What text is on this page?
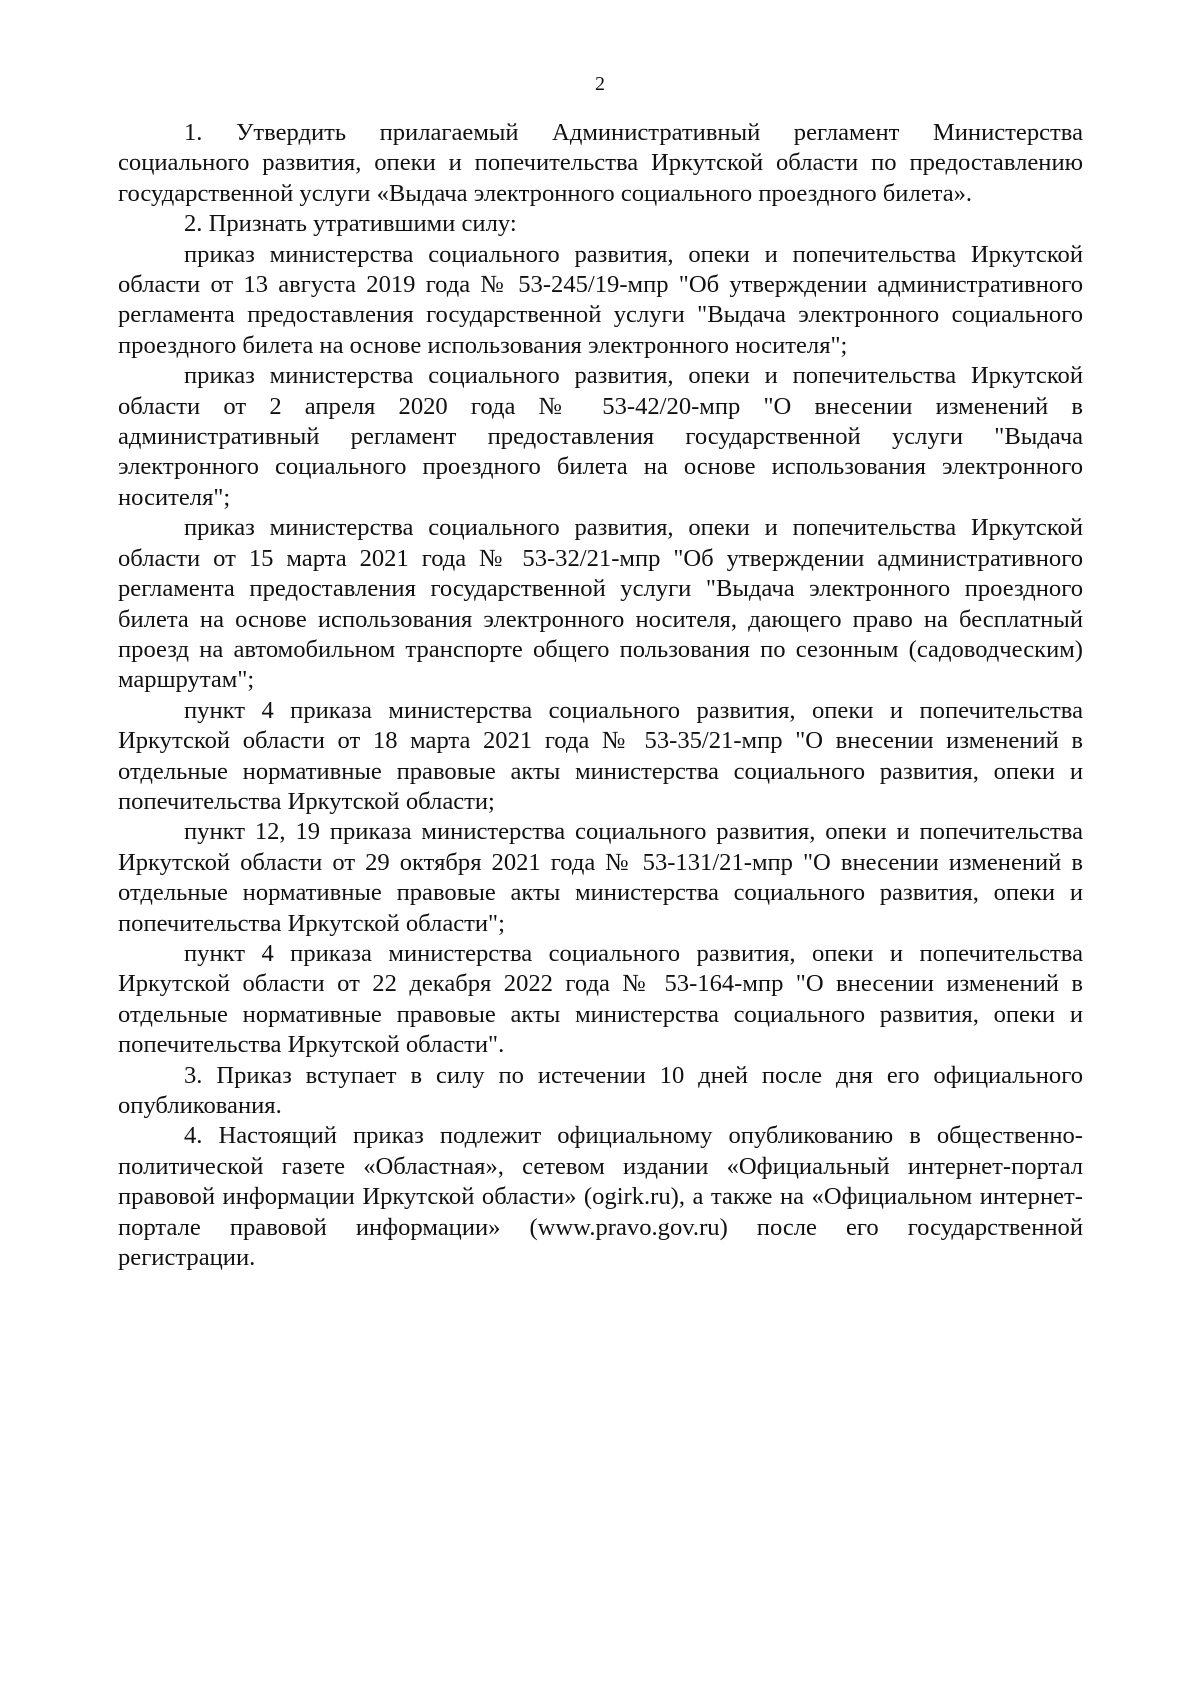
2

1. Утвердить прилагаемый Административный регламент Министерства социального развития, опеки и попечительства Иркутской области по предоставлению государственной услуги «Выдача электронного социального проездного билета».

2. Признать утратившими силу:

приказ министерства социального развития, опеки и попечительства Иркутской области от 13 августа 2019 года № 53-245/19-мпр "Об утверждении административного регламента предоставления государственной услуги "Выдача электронного социального проездного билета на основе использования электронного носителя";

приказ министерства социального развития, опеки и попечительства Иркутской области от 2 апреля 2020 года № 53-42/20-мпр "О внесении изменений в административный регламент предоставления государственной услуги "Выдача электронного социального проездного билета на основе использования электронного носителя";

приказ министерства социального развития, опеки и попечительства Иркутской области от 15 марта 2021 года № 53-32/21-мпр "Об утверждении административного регламента предоставления государственной услуги "Выдача электронного проездного билета на основе использования электронного носителя, дающего право на бесплатный проезд на автомобильном транспорте общего пользования по сезонным (садоводческим) маршрутам";

пункт 4 приказа министерства социального развития, опеки и попечительства Иркутской области от 18 марта 2021 года № 53-35/21-мпр "О внесении изменений в отдельные нормативные правовые акты министерства социального развития, опеки и попечительства Иркутской области;

пункт 12, 19 приказа министерства социального развития, опеки и попечительства Иркутской области от 29 октября 2021 года № 53-131/21-мпр "О внесении изменений в отдельные нормативные правовые акты министерства социального развития, опеки и попечительства Иркутской области";

пункт 4 приказа министерства социального развития, опеки и попечительства Иркутской области от 22 декабря 2022 года № 53-164-мпр "О внесении изменений в отдельные нормативные правовые акты министерства социального развития, опеки и попечительства Иркутской области".

3. Приказ вступает в силу по истечении 10 дней после дня его официального опубликования.

4. Настоящий приказ подлежит официальному опубликованию в общественно-политической газете «Областная», сетевом издании «Официальный интернет-портал правовой информации Иркутской области» (ogirk.ru), а также на «Официальном интернет-портале правовой информации» (www.pravo.gov.ru) после его государственной регистрации.
